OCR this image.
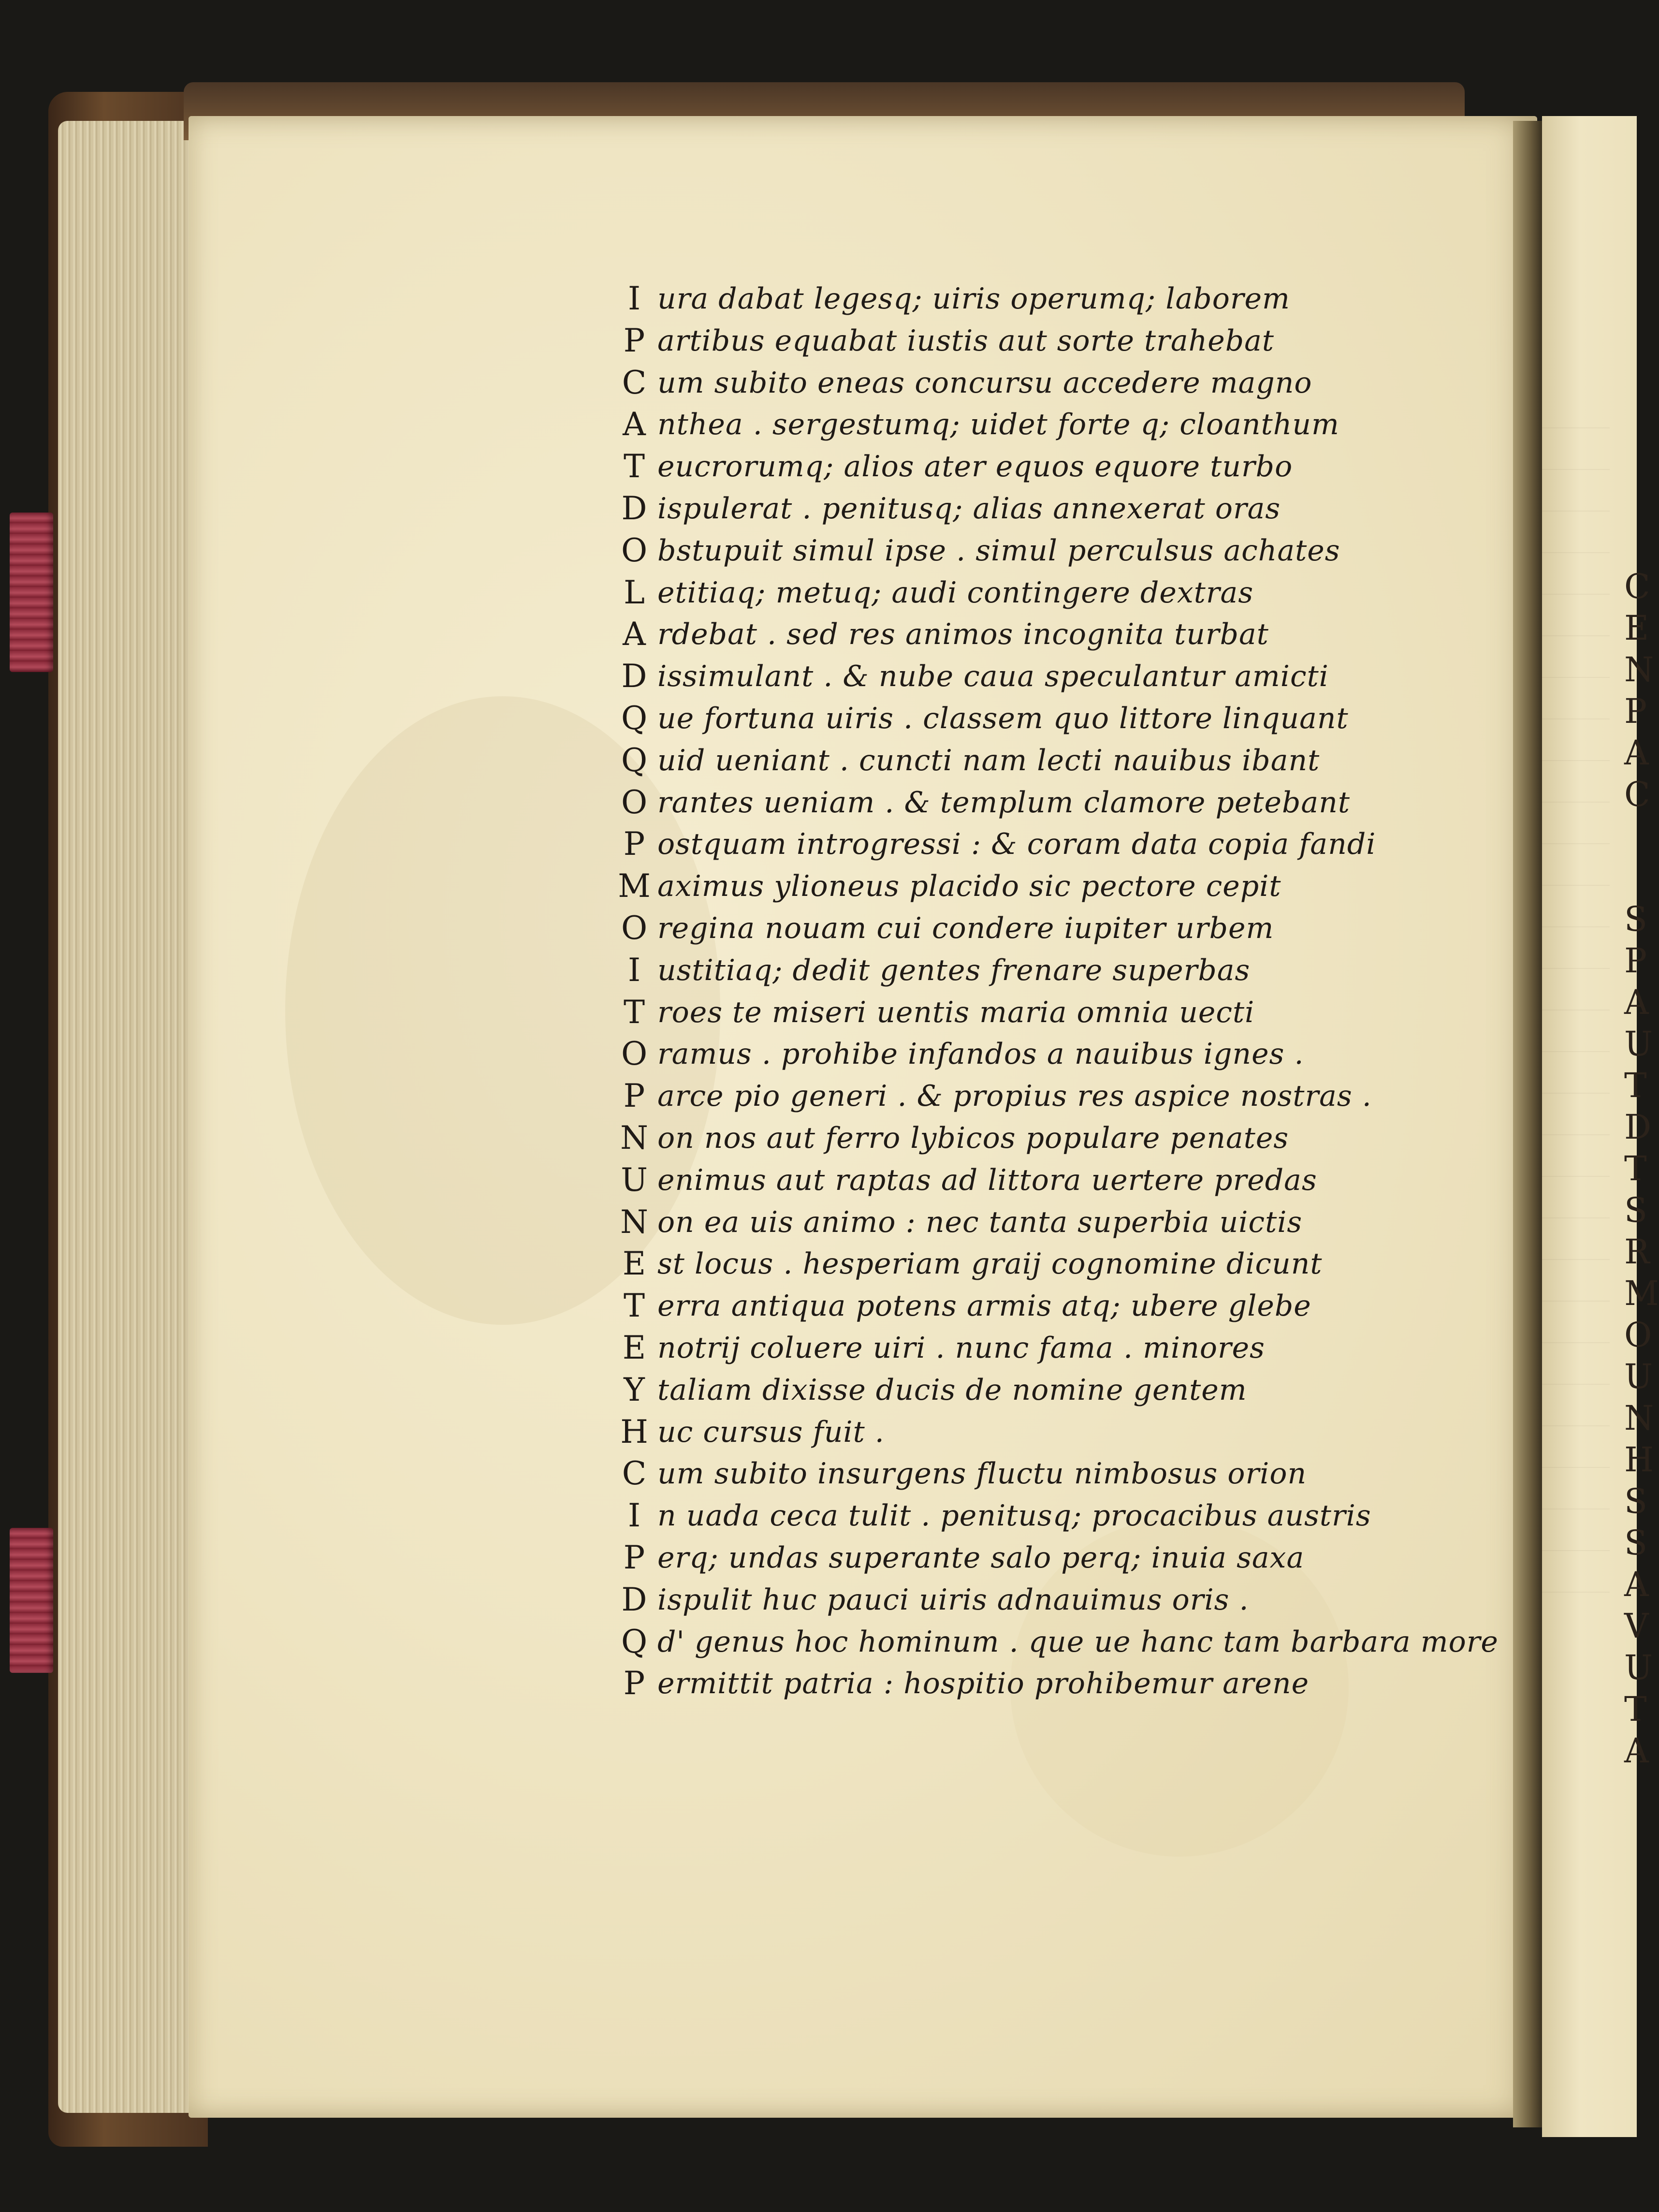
C
E
N
P
A
C

S
P
A
U
T
D
T
S
R
M
O
U
N
H
S
S
A
V
U
T
A
I ura dabat legesq; uiris operumq; laborem
P artibus equabat iustis aut sorte trahebat
C um subito eneas concursu accedere magno
A nthea . sergestumq; uidet forte q; cloanthum
T eucrorumq; alios ater equos equore turbo
D ispulerat . penitusq; alias annexerat oras
O bstupuit simul ipse . simul perculsus achates
L etitiaq; metuq; audi contingere dextras
A rdebat . sed res animos incognita turbat
D issimulant . & nube caua speculantur amicti
Q ue fortuna uiris . classem quo littore linquant
Q uid ueniant . cuncti nam lecti nauibus ibant
O rantes ueniam . & templum clamore petebant
P ostquam introgressi : & coram data copia fandi
M aximus ylioneus placido sic pectore cepit
O regina nouam cui condere iupiter urbem
I ustitiaq; dedit gentes frenare superbas
T roes te miseri uentis maria omnia uecti
O ramus . prohibe infandos a nauibus ignes .
P arce pio generi . & propius res aspice nostras .
N on nos aut ferro lybicos populare penates
U enimus aut raptas ad littora uertere predas
N on ea uis animo : nec tanta superbia uictis
E st locus . hesperiam graij cognomine dicunt
T erra antiqua potens armis atq; ubere glebe
E notrij coluere uiri . nunc fama . minores
Y taliam dixisse ducis de nomine gentem
H uc cursus fuit .
C um subito insurgens fluctu nimbosus orion
I n uada ceca tulit . penitusq; procacibus austris
P erq; undas superante salo perq; inuia saxa
D ispulit huc pauci uiris adnauimus oris .
Q d' genus hoc hominum . que ue hanc tam barbara more
P ermittit patria : hospitio prohibemur arene
